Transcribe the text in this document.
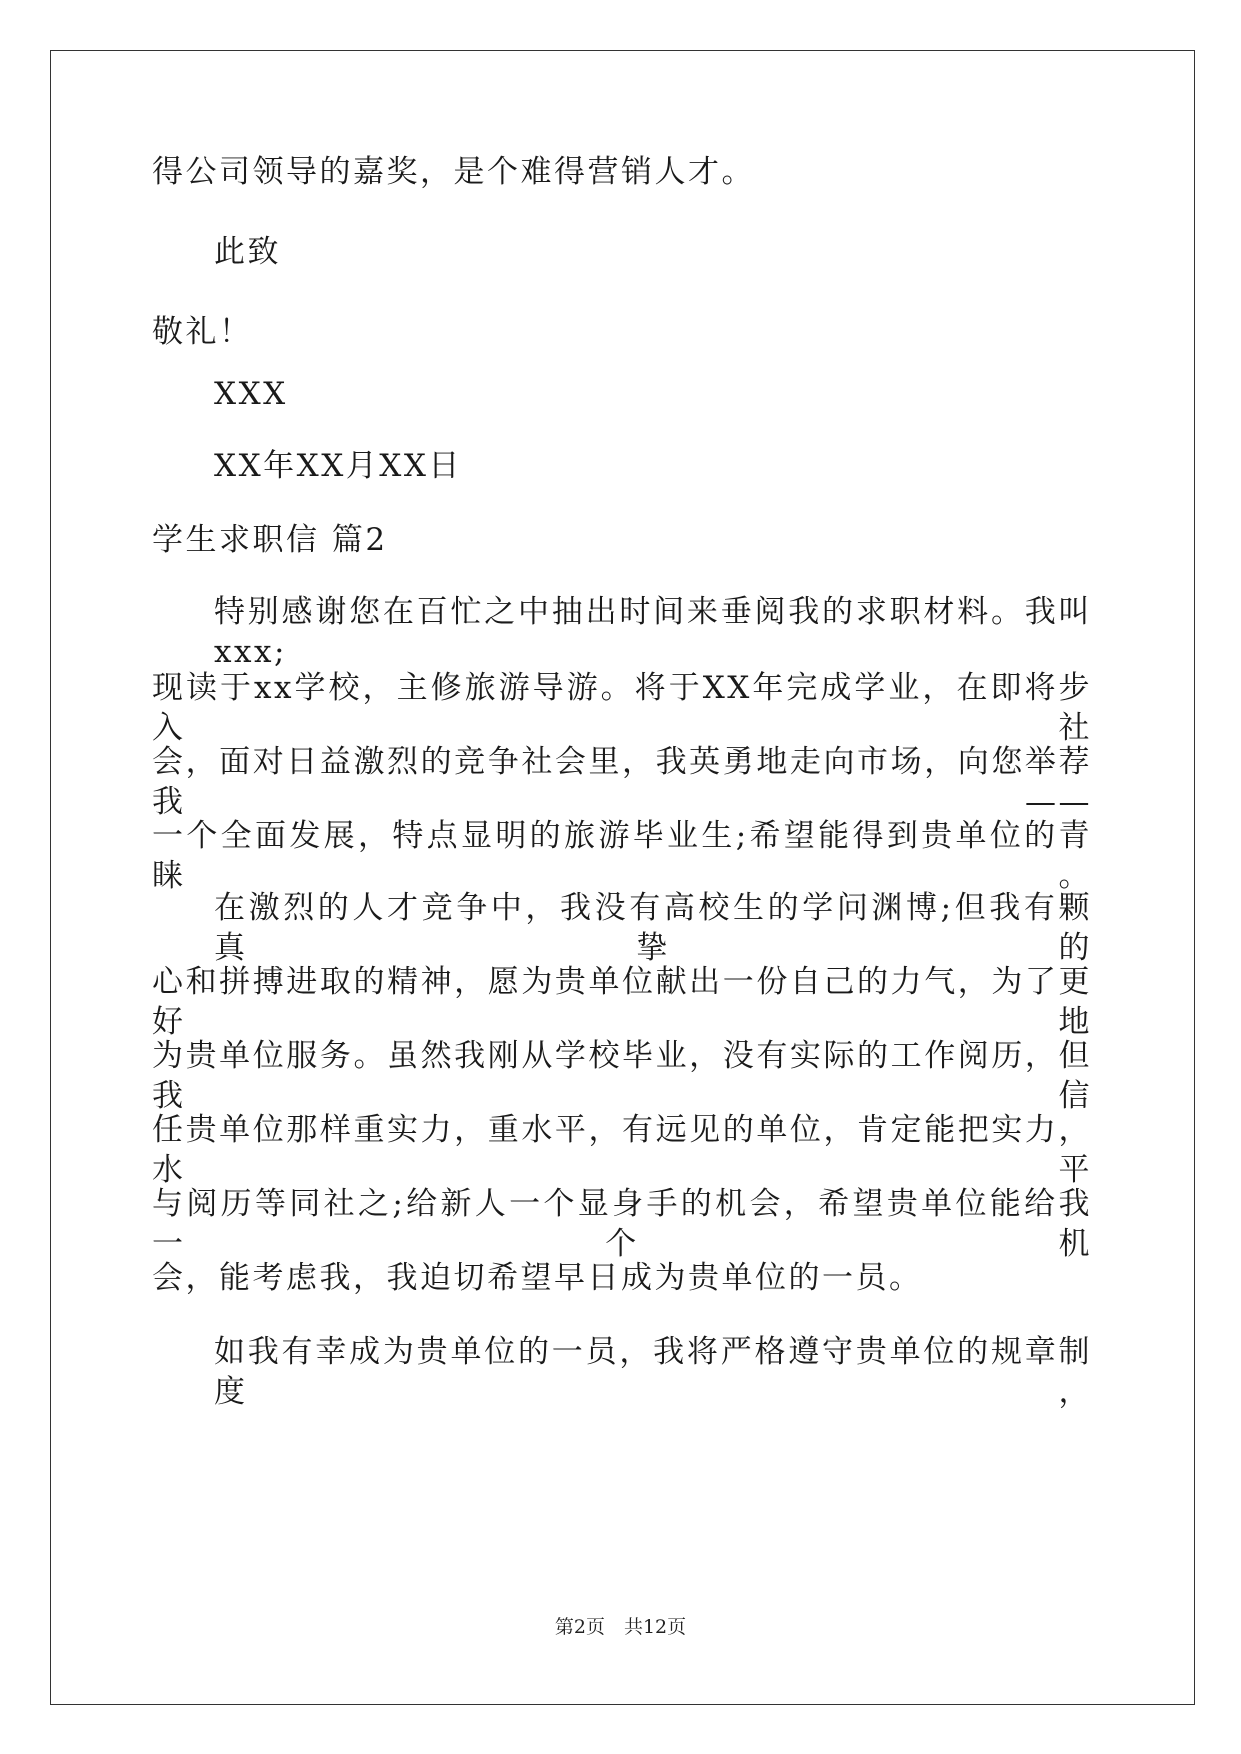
得公司领导的嘉奖，是个难得营销人才。
此致
敬礼！
XXX
XX年XX月XX日
学生求职信 篇2
特别感谢您在百忙之中抽出时间来垂阅我的求职材料。我叫xxx;
现读于xx学校，主修旅游导游。将于XX年完成学业，在即将步入社
会，面对日益激烈的竞争社会里，我英勇地走向市场，向您举荐我——
一个全面发展，特点显明的旅游毕业生;希望能得到贵单位的青睐。
在激烈的人才竞争中，我没有高校生的学问渊博;但我有颗真挚的
心和拼搏进取的精神，愿为贵单位献出一份自己的力气，为了更好地
为贵单位服务。虽然我刚从学校毕业，没有实际的工作阅历，但我信
任贵单位那样重实力，重水平，有远见的单位，肯定能把实力，水平
与阅历等同社之;给新人一个显身手的机会，希望贵单位能给我一个机
会，能考虑我，我迫切希望早日成为贵单位的一员。
如我有幸成为贵单位的一员，我将严格遵守贵单位的规章制度，
第2页　共12页
